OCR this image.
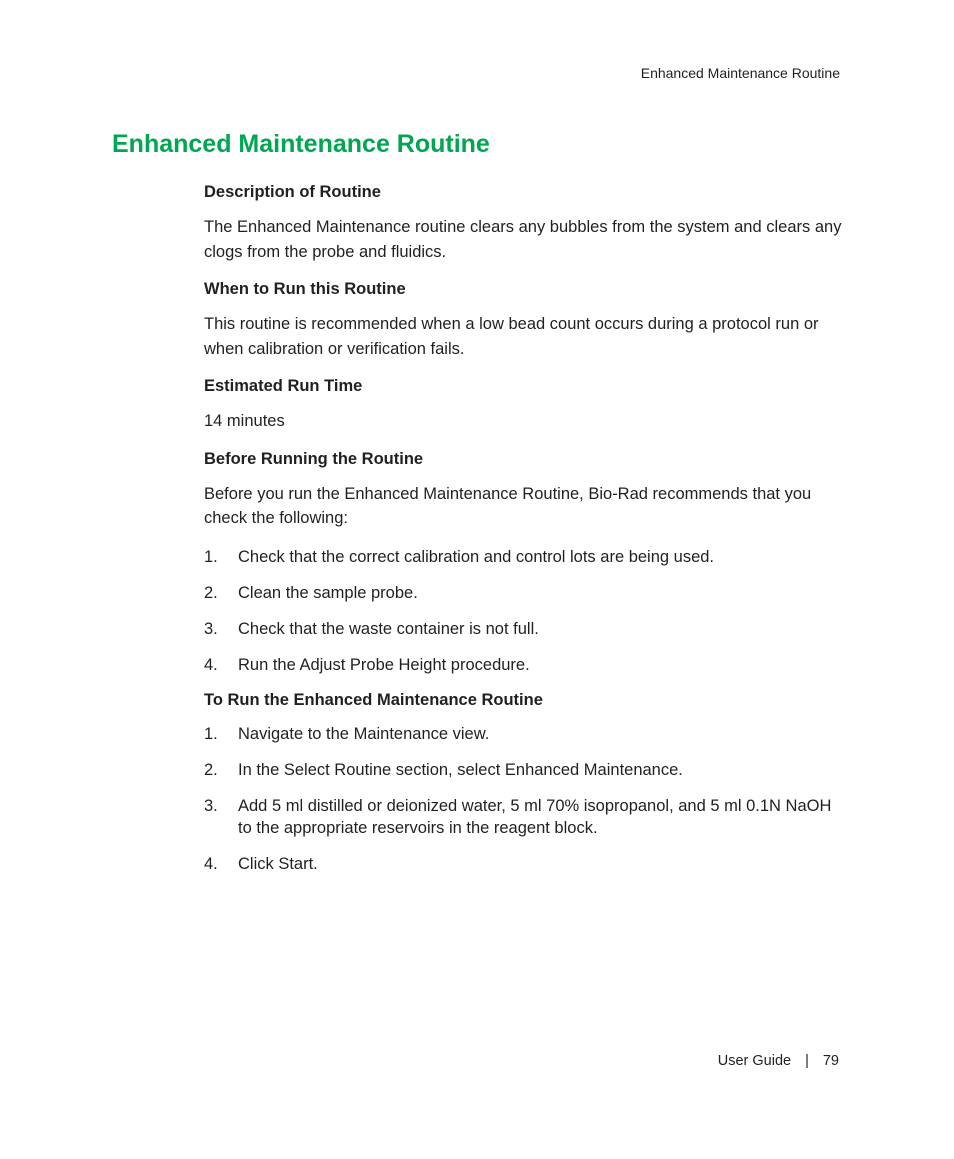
Enhanced Maintenance Routine
Enhanced Maintenance Routine
Description of Routine

The Enhanced Maintenance routine clears any bubbles from the system and clears any clogs from the probe and fluidics.

When to Run this Routine

This routine is recommended when a low bead count occurs during a protocol run or when calibration or verification fails.

Estimated Run Time

14 minutes

Before Running the Routine

Before you run the Enhanced Maintenance Routine, Bio-Rad recommends that you check the following:

1.	Check that the correct calibration and control lots are being used.
2.	Clean the sample probe.
3.	Check that the waste container is not full.
4.	Run the Adjust Probe Height procedure.
To Run the Enhanced Maintenance Routine
1.	Navigate to the Maintenance view.
2.	In the Select Routine section, select Enhanced Maintenance.
3.	Add 5 ml distilled or deionized water, 5 ml 70% isopropanol, and 5 ml 0.1N NaOH to the appropriate reservoirs in the reagent block.
4.	Click Start.
User Guide | 79
